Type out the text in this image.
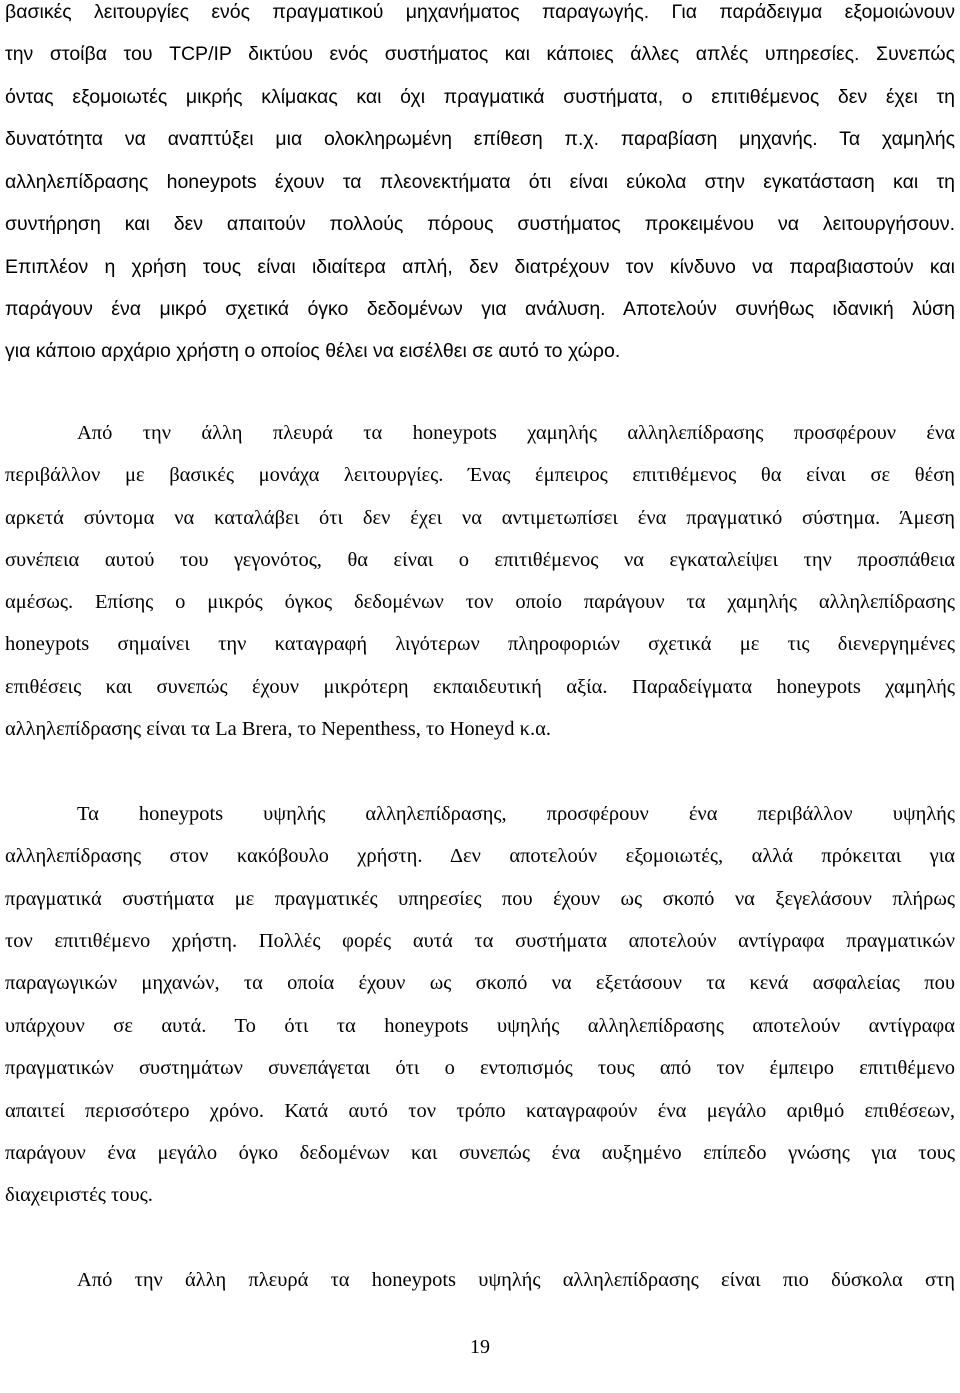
βασικές λειτουργίες ενός πραγματικού μηχανήματος παραγωγής. Για παράδειγμα εξομοιώνουν
την στοίβα του TCP/IP δικτύου ενός συστήματος και κάποιες άλλες απλές υπηρεσίες. Συνεπώς
όντας εξομοιωτές μικρής κλίμακας και όχι πραγματικά συστήματα, ο επιτιθέμενος δεν έχει τη
δυνατότητα να αναπτύξει μια ολοκληρωμένη επίθεση π.χ. παραβίαση μηχανής. Τα χαμηλής
αλληλεπίδρασης honeypots έχουν τα πλεονεκτήματα ότι είναι εύκολα στην εγκατάσταση και τη
συντήρηση και δεν απαιτούν πολλούς πόρους συστήματος προκειμένου να λειτουργήσουν.
Επιπλέον η χρήση τους είναι ιδιαίτερα απλή, δεν διατρέχουν τον κίνδυνο να παραβιαστούν και
παράγουν ένα μικρό σχετικά όγκο δεδομένων για ανάλυση. Αποτελούν συνήθως ιδανική λύση
για κάποιο αρχάριο χρήστη ο οποίος θέλει να εισέλθει σε αυτό το χώρο.
Από την άλλη πλευρά τα honeypots χαμηλής αλληλεπίδρασης προσφέρουν ένα
περιβάλλον με βασικές μονάχα λειτουργίες. Ένας έμπειρος επιτιθέμενος θα είναι σε θέση
αρκετά σύντομα να καταλάβει ότι δεν έχει να αντιμετωπίσει ένα πραγματικό σύστημα. Άμεση
συνέπεια αυτού του γεγονότος, θα είναι ο επιτιθέμενος να εγκαταλείψει την προσπάθεια
αμέσως. Επίσης ο μικρός όγκος δεδομένων τον οποίο παράγουν τα χαμηλής αλληλεπίδρασης
honeypots σημαίνει την καταγραφή λιγότερων πληροφοριών σχετικά με τις διενεργημένες
επιθέσεις και συνεπώς έχουν μικρότερη εκπαιδευτική αξία. Παραδείγματα honeypots χαμηλής
αλληλεπίδρασης είναι τα La Brera, το Nepenthess, το Honeyd κ.α.
Τα honeypots υψηλής αλληλεπίδρασης, προσφέρουν ένα περιβάλλον υψηλής
αλληλεπίδρασης στον κακόβουλο χρήστη. Δεν αποτελούν εξομοιωτές, αλλά πρόκειται για
πραγματικά συστήματα με πραγματικές υπηρεσίες που έχουν ως σκοπό να ξεγελάσουν πλήρως
τον επιτιθέμενο χρήστη. Πολλές φορές αυτά τα συστήματα αποτελούν αντίγραφα πραγματικών
παραγωγικών μηχανών, τα οποία έχουν ως σκοπό να εξετάσουν τα κενά ασφαλείας που
υπάρχουν σε αυτά. Το ότι τα honeypots υψηλής αλληλεπίδρασης αποτελούν αντίγραφα
πραγματικών συστημάτων συνεπάγεται ότι ο εντοπισμός τους από τον έμπειρο επιτιθέμενο
απαιτεί περισσότερο χρόνο. Κατά αυτό τον τρόπο καταγραφούν ένα μεγάλο αριθμό επιθέσεων,
παράγουν ένα μεγάλο όγκο δεδομένων και συνεπώς ένα αυξημένο επίπεδο γνώσης για τους
διαχειριστές τους.
Από την άλλη πλευρά τα honeypots υψηλής αλληλεπίδρασης είναι πιο δύσκολα στη
19
